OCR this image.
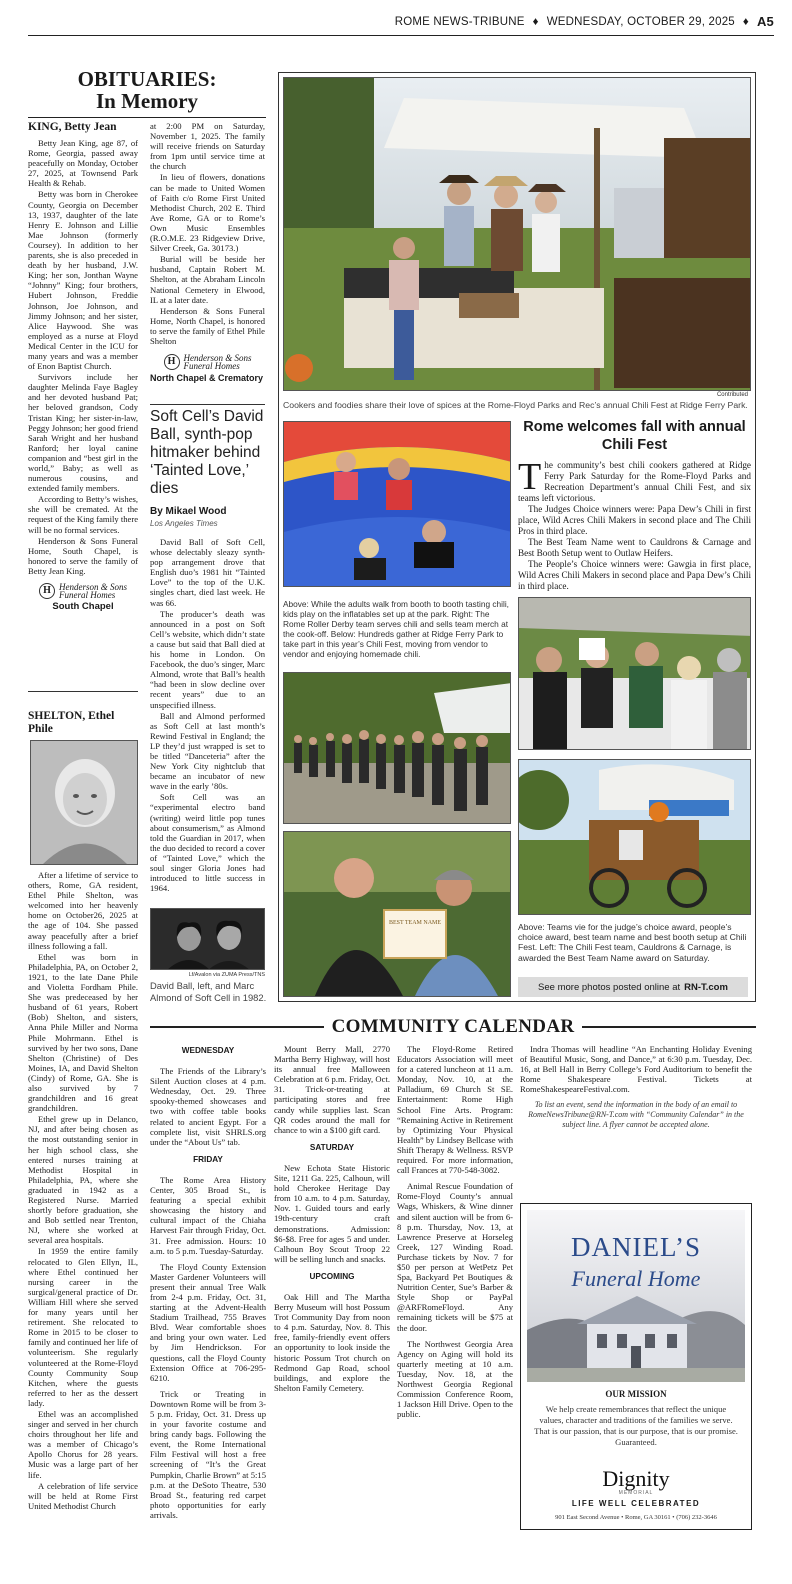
ROME NEWS-TRIBUNE ♦ WEDNESDAY, OCTOBER 29, 2025 ♦ A5
OBITUARIES:
In Memory
KING, Betty Jean

Betty Jean King, age 87, of Rome, Georgia, passed away peacefully on Monday, October 27, 2025, at Townsend Park Health & Rehab.

Betty was born in Cherokee County, Georgia on December 13, 1937, daughter of the late Henry E. Johnson and Lillie Mae Johnson (formerly Coursey). In addition to her parents, she is also preceded in death by her husband, J.W. King; her son, Jonthan Wayne “Johnny” King; four brothers, Hubert Johnson, Freddie Johnson, Joe Johnson, and Jimmy Johnson; and her sister, Alice Haywood. She was employed as a nurse at Floyd Medical Center in the ICU for many years and was a member of Enon Baptist Church.

Survivors include her daughter Melinda Faye Bagley and her devoted husband Pat; her beloved grandson, Cody Tristan King; her sister-in-law, Peggy Johnson; her good friend Sarah Wright and her husband Ranford; her loyal canine companion and “best girl in the world,” Baby; as well as numerous cousins, and extended family members.

According to Betty’s wishes, she will be cremated. At the request of the King family there will be no formal services.

Henderson & Sons Funeral Home, South Chapel, is honored to serve the family of Betty Jean King.

H Henderson & Sons
Funeral Homes
South Chapel
SHELTON, Ethel
Phile

After a lifetime of service to others, Rome, GA resident, Ethel Phile Shelton, was welcomed into her heavenly home on October26, 2025 at the age of 104. She passed away peacefully after a brief illness following a fall.

Ethel was born in Philadelphia, PA, on October 2, 1921, to the late Dane Phile and Violetta Fordham Phile. She was predeceased by her husband of 61 years, Robert (Bob) Shelton, and sisters, Anna Phile Miller and Norma Phile Mohrmann. Ethel is survived by her two sons, Dane Shelton (Christine) of Des Moines, IA, and David Shelton (Cindy) of Rome, GA. She is also survived by 7 grandchildren and 16 great grandchildren.

Ethel grew up in Delanco, NJ, and after being chosen as the most outstanding senior in her high school class, she entered nurses training at Methodist Hospital in Philadelphia, PA, where she graduated in 1942 as a Registered Nurse. Married shortly before graduation, she and Bob settled near Trenton, NJ, where she worked at several area hospitals.

In 1959 the entire family relocated to Glen Ellyn, IL, where Ethel continued her nursing career in the surgical/general practice of Dr. William Hill where she served for many years until her retirement. She relocated to Rome in 2015 to be closer to family and continued her life of volunteerism. She regularly volunteered at the Rome-Floyd County Community Soup Kitchen, where the guests referred to her as the dessert lady.

Ethel was an accomplished singer and served in her church choirs throughout her life and was a member of Chicago’s Apollo Chorus for 28 years. Music was a large part of her life.

A celebration of life service will be held at Rome First United Methodist Church

at 2:00 PM on Saturday, November 1, 2025. The family will receive friends on Saturday from 1pm until service time at the church

In lieu of flowers, donations can be made to United Women of Faith c/o Rome First United Methodist Church, 202 E. Third Ave Rome, GA or to Rome’s Own Music Ensembles (R.O.M.E. 23 Ridgeview Drive, Silver Creek, Ga. 30173.)

Burial will be beside her husband, Captain Robert M. Shelton, at the Abraham Lincoln National Cemetery in Elwood, IL at a later date.

Henderson & Sons Funeral Home, North Chapel, is honored to serve the family of Ethel Phile Shelton

H Henderson & Sons
Funeral Homes
North Chapel & Crematory
Soft Cell’s David Ball, synth-pop hitmaker behind ‘Tainted Love,’ dies
By Mikael Wood
Los Angeles Times

David Ball of Soft Cell, whose delectably sleazy synth-pop arrangement drove that English duo’s 1981 hit “Tainted Love” to the top of the U.K. singles chart, died last week. He was 66.

The producer’s death was announced in a post on Soft Cell’s website, which didn’t state a cause but said that Ball died at his home in London. On Facebook, the duo’s singer, Marc Almond, wrote that Ball’s health “had been in slow decline over recent years” due to an unspecified illness.

Ball and Almond performed as Soft Cell at last month’s Rewind Festival in England; the LP they’d just wrapped is set to be titled “Danceteria” after the New York City nightclub that became an incubator of new wave in the early ’80s.

Soft Cell was an “experimental electro band (writing) weird little pop tunes about consumerism,” as Almond told the Guardian in 2017, when the duo decided to record a cover of “Tainted Love,” which the soul singer Gloria Jones had introduced to little success in 1964.

Lf/Avalon via ZUMA Press/TNS
David Ball, left, and Marc Almond of Soft Cell in 1982.
Contributed
Cookers and foodies share their love of spices at the Rome-Floyd Parks and Rec’s annual Chili Fest at Ridge Ferry Park.
Above: While the adults walk from booth to booth tasting chili, kids play on the inflatables set up at the park. Right: The Rome Roller Derby team serves chili and sells team merch at the cook-off. Below: Hundreds gather at Ridge Ferry Park to take part in this year’s Chili Fest, moving from vendor to vendor and enjoying homemade chili.
BEST TEAM NAME
Rome welcomes fall with annual Chili Fest

The community’s best chili cookers gathered at Ridge Ferry Park Saturday for the Rome-Floyd Parks and Recreation Department’s annual Chili Fest, and six teams left victorious.

The Judges Choice winners were: Papa Dew’s Chili in first place, Wild Acres Chili Makers in second place and The Chili Pros in third place.

The Best Team Name went to Cauldrons & Carnage and Best Booth Setup went to Outlaw Heifers.

The People’s Choice winners were: Gawgia in first place, Wild Acres Chili Makers in second place and Papa Dew’s Chili in third place.

Above: Teams vie for the judge’s choice award, people’s choice award, best team name and best booth setup at Chili Fest. Left: The Chili Fest team, Cauldrons & Carnage, is awarded the Best Team Name award on Saturday.
See more photos posted online at RN-T.com
COMMUNITY CALENDAR
WEDNESDAY

The Friends of the Library’s Silent Auction closes at 4 p.m. Wednesday, Oct. 29. Three spooky-themed showcases and two with coffee table books related to ancient Egypt. For a complete list, visit SHRLS.org under the “About Us” tab.

FRIDAY

The Rome Area History Center, 305 Broad St., is featuring a special exhibit showcasing the history and cultural impact of the Chiaha Harvest Fair through Friday, Oct. 31. Free admission. Hours: 10 a.m. to 5 p.m. Tuesday-Saturday.

The Floyd County Extension Master Gardener Volunteers will present their annual Tree Walk from 2-4 p.m. Friday, Oct. 31, starting at the Advent-Health Stadium Trailhead, 755 Braves Blvd. Wear comfortable shoes and bring your own water. Led by Jim Hendrickson. For questions, call the Floyd County Extension Office at 706-295-6210.

Trick or Treating in Downtown Rome will be from 3-5 p.m. Friday, Oct. 31. Dress up in your favorite costume and bring candy bags. Following the event, the Rome International Film Festival will host a free screening of “It’s the Great Pumpkin, Charlie Brown” at 5:15 p.m. at the DeSoto Theatre, 530 Broad St., featuring red carpet photo opportunities for early arrivals.

Mount Berry Mall, 2770 Martha Berry Highway, will host its annual free Malloween Celebration at 6 p.m. Friday, Oct. 31. Trick-or-treating at participating stores and free candy while supplies last. Scan QR codes around the mall for chance to win a $100 gift card.

SATURDAY

New Echota State Historic Site, 1211 Ga. 225, Calhoun, will hold Cherokee Heritage Day from 10 a.m. to 4 p.m. Saturday, Nov. 1. Guided tours and early 19th-century craft demonstrations. Admission: $6-$8. Free for ages 5 and under. Calhoun Boy Scout Troop 22 will be selling lunch and snacks.

UPCOMING

Oak Hill and The Martha Berry Museum will host Possum Trot Community Day from noon to 4 p.m. Saturday, Nov. 8. This free, family-friendly event offers an opportunity to look inside the historic Possum Trot church on Redmond Gap Road, school buildings, and explore the Shelton Family Cemetery.

The Floyd-Rome Retired Educators Association will meet for a catered luncheon at 11 a.m. Monday, Nov. 10, at the Palladium, 69 Church St SE. Entertainment: Rome High School Fine Arts. Program: “Remaining Active in Retirement by Optimizing Your Physical Health” by Lindsey Bellcase with Shift Therapy & Wellness. RSVP required. For more information, call Frances at 770-548-3082.

Animal Rescue Foundation of Rome-Floyd County’s annual Wags, Whiskers, & Wine dinner and silent auction will be from 6-8 p.m. Thursday, Nov. 13, at Lawrence Preserve at Horseleg Creek, 127 Winding Road. Purchase tickets by Nov. 7 for $50 per person at WetPetz Pet Spa, Backyard Pet Boutiques & Nutrition Center, Sue’s Barber & Style Shop or PayPal @ARFRomeFloyd. Any remaining tickets will be $75 at the door.

The Northwest Georgia Area Agency on Aging will hold its quarterly meeting at 10 a.m. Tuesday, Nov. 18, at the Northwest Georgia Regional Commission Conference Room, 1 Jackson Hill Drive. Open to the public.

Indra Thomas will headline “An Enchanting Holiday Evening of Beautiful Music, Song, and Dance,” at 6:30 p.m. Tuesday, Dec. 16, at Bell Hall in Berry College’s Ford Auditorium to benefit the Rome Shakespeare Festival. Tickets at RomeShakespeareFestival.com.

To list an event, send the information in the body of an email to RomeNewsTribune@RN-T.com with “Community Calendar” in the subject line. A flyer cannot be accepted alone.
DANIEL’S
Funeral Home
OUR MISSION
We help create remembrances that reflect the unique values, character and traditions of the families we serve. That is our passion, that is our purpose, that is our promise. Guaranteed.
Dignity
MEMORIAL
LIFE WELL CELEBRATED
901 East Second Avenue • Rome, GA 30161 • (706) 232-3646
